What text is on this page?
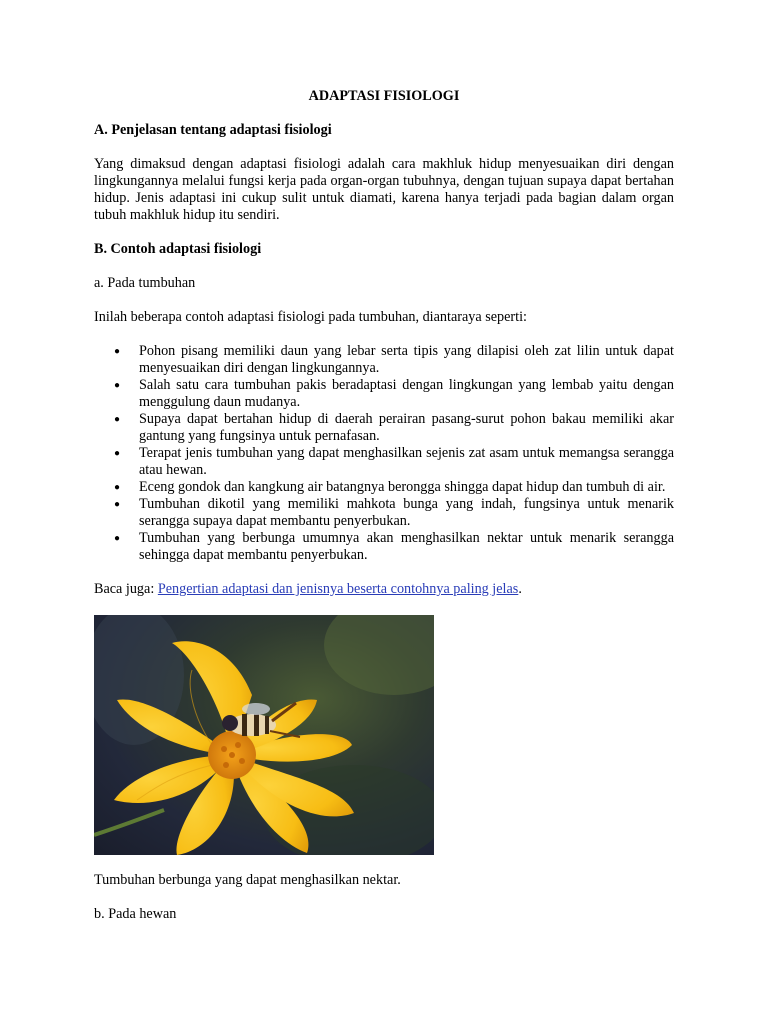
ADAPTASI FISIOLOGI
A. Penjelasan tentang adaptasi fisiologi

Yang dimaksud dengan adaptasi fisiologi adalah cara makhluk hidup menyesuaikan diri dengan lingkungannya melalui fungsi kerja pada organ-organ tubuhnya, dengan tujuan supaya dapat bertahan hidup. Jenis adaptasi ini cukup sulit untuk diamati, karena hanya terjadi pada bagian dalam organ tubuh makhluk hidup itu sendiri.

B. Contoh adaptasi fisiologi

a. Pada tumbuhan

Inilah beberapa contoh adaptasi fisiologi pada tumbuhan, diantaraya seperti:

● Pohon pisang memiliki daun yang lebar serta tipis yang dilapisi oleh zat lilin untuk dapat menyesuaikan diri dengan lingkungannya.
● Salah satu cara tumbuhan pakis beradaptasi dengan lingkungan yang lembab yaitu dengan menggulung daun mudanya.
● Supaya dapat bertahan hidup di daerah perairan pasang-surut pohon bakau memiliki akar gantung yang fungsinya untuk pernafasan.
● Terapat jenis tumbuhan yang dapat menghasilkan sejenis zat asam untuk memangsa serangga atau hewan.
● Eceng gondok dan kangkung air batangnya berongga shingga dapat hidup dan tumbuh di air.
● Tumbuhan dikotil yang memiliki mahkota bunga yang indah, fungsinya untuk menarik serangga supaya dapat membantu penyerbukan.
● Tumbuhan yang berbunga umumnya akan menghasilkan nektar untuk menarik serangga sehingga dapat membantu penyerbukan.

Baca juga: Pengertian adaptasi dan jenisnya beserta contohnya paling jelas.

Tumbuhan berbunga yang dapat menghasilkan nektar.

b. Pada hewan
